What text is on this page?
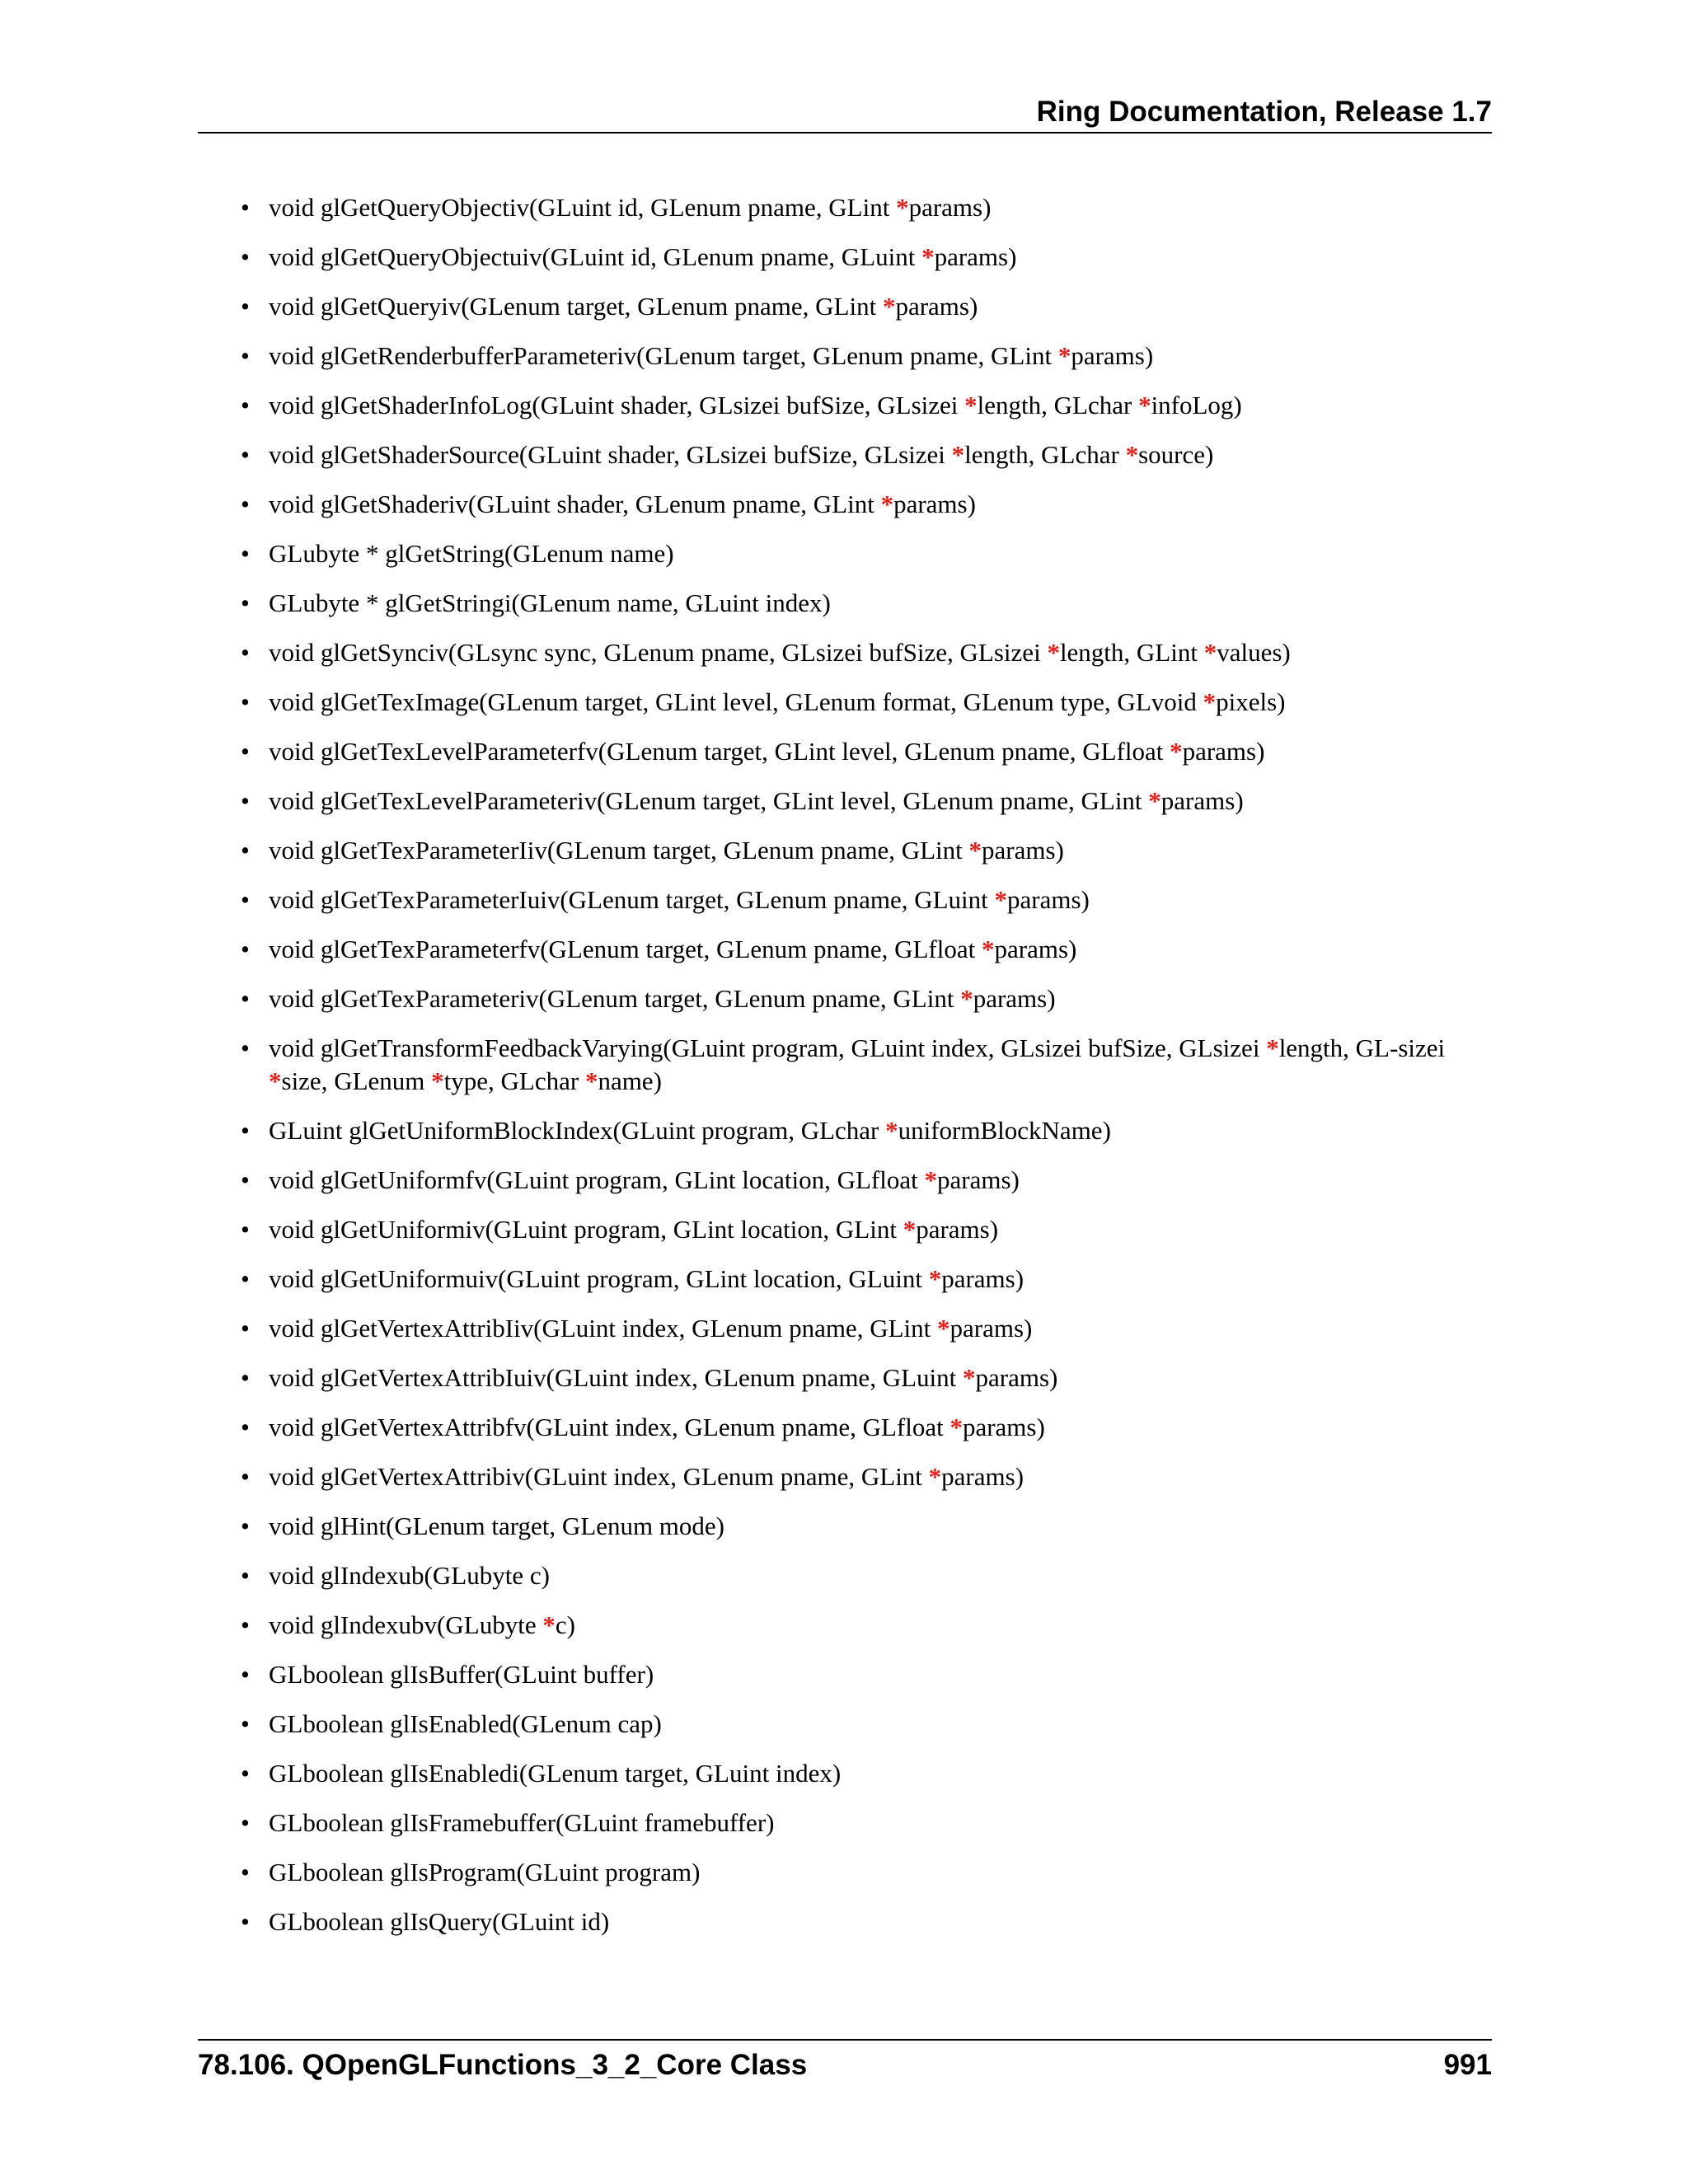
Ring Documentation, Release 1.7
• void glGetQueryObjectiv(GLuint id, GLenum pname, GLint *params)
• void glGetQueryObjectuiv(GLuint id, GLenum pname, GLuint *params)
• void glGetQueryiv(GLenum target, GLenum pname, GLint *params)
• void glGetRenderbufferParameteriv(GLenum target, GLenum pname, GLint *params)
• void glGetShaderInfoLog(GLuint shader, GLsizei bufSize, GLsizei *length, GLchar *infoLog)
• void glGetShaderSource(GLuint shader, GLsizei bufSize, GLsizei *length, GLchar *source)
• void glGetShaderiv(GLuint shader, GLenum pname, GLint *params)
• GLubyte * glGetString(GLenum name)
• GLubyte * glGetStringi(GLenum name, GLuint index)
• void glGetSynciv(GLsync sync, GLenum pname, GLsizei bufSize, GLsizei *length, GLint *values)
• void glGetTexImage(GLenum target, GLint level, GLenum format, GLenum type, GLvoid *pixels)
• void glGetTexLevelParameterfv(GLenum target, GLint level, GLenum pname, GLfloat *params)
• void glGetTexLevelParameteriv(GLenum target, GLint level, GLenum pname, GLint *params)
• void glGetTexParameterIiv(GLenum target, GLenum pname, GLint *params)
• void glGetTexParameterIuiv(GLenum target, GLenum pname, GLuint *params)
• void glGetTexParameterfv(GLenum target, GLenum pname, GLfloat *params)
• void glGetTexParameteriv(GLenum target, GLenum pname, GLint *params)
• void glGetTransformFeedbackVarying(GLuint program, GLuint index, GLsizei bufSize, GLsizei *length, GL-sizei *size, GLenum *type, GLchar *name)
• GLuint glGetUniformBlockIndex(GLuint program, GLchar *uniformBlockName)
• void glGetUniformfv(GLuint program, GLint location, GLfloat *params)
• void glGetUniformiv(GLuint program, GLint location, GLint *params)
• void glGetUniformuiv(GLuint program, GLint location, GLuint *params)
• void glGetVertexAttribIiv(GLuint index, GLenum pname, GLint *params)
• void glGetVertexAttribIuiv(GLuint index, GLenum pname, GLuint *params)
• void glGetVertexAttribfv(GLuint index, GLenum pname, GLfloat *params)
• void glGetVertexAttribiv(GLuint index, GLenum pname, GLint *params)
• void glHint(GLenum target, GLenum mode)
• void glIndexub(GLubyte c)
• void glIndexubv(GLubyte *c)
• GLboolean glIsBuffer(GLuint buffer)
• GLboolean glIsEnabled(GLenum cap)
• GLboolean glIsEnabledi(GLenum target, GLuint index)
• GLboolean glIsFramebuffer(GLuint framebuffer)
• GLboolean glIsProgram(GLuint program)
• GLboolean glIsQuery(GLuint id)
78.106. QOpenGLFunctions_3_2_Core Class	991
